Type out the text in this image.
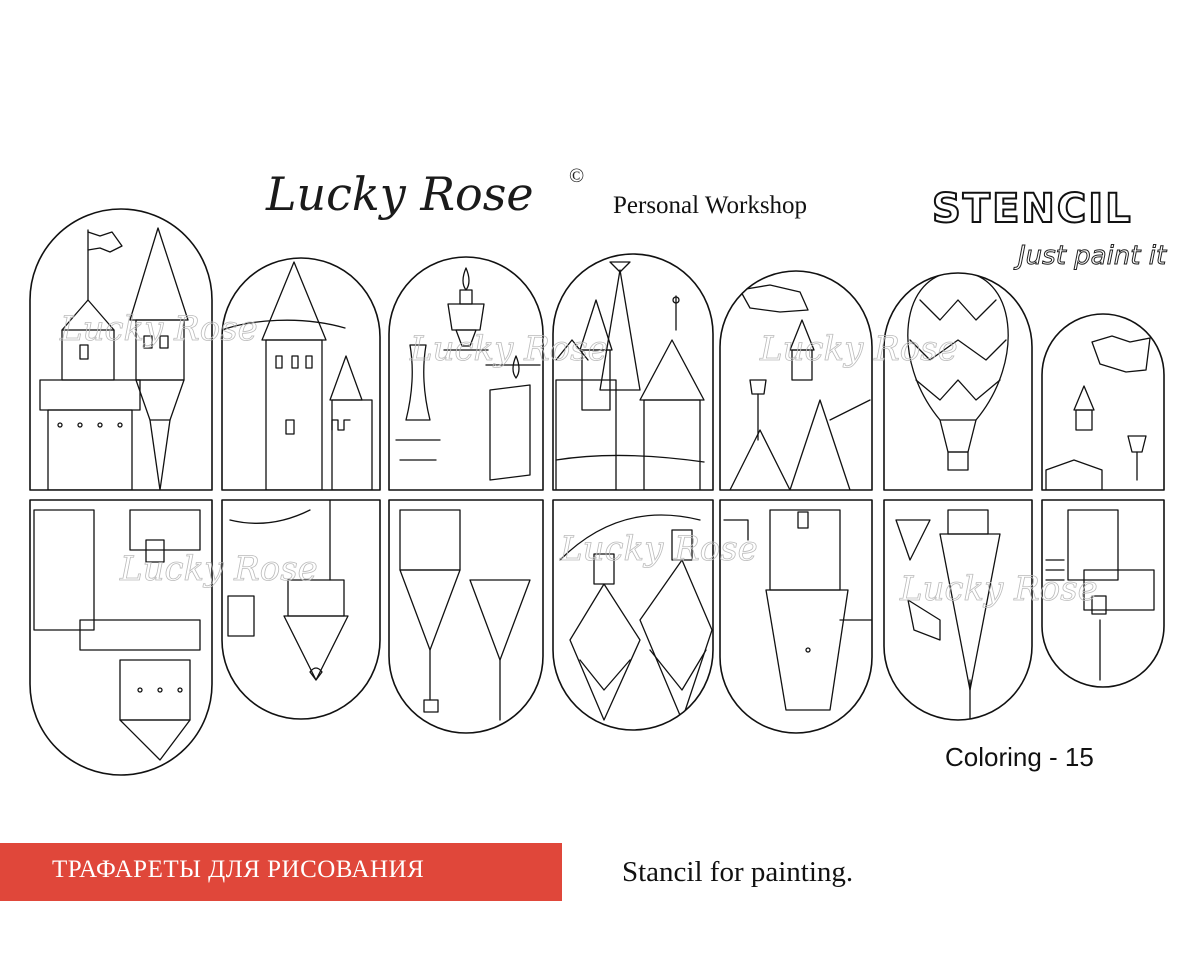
Lucky Rose ©
Personal Workshop	STENCIL
Just paint it
Lucky Rose	Lucky Rose	Lucky Rose
Lucky Rose	Lucky Rose
Lucky Rose
Coloring - 15
ТРАФАРЕТЫ ДЛЯ РИСОВАНИЯ	Stancil for painting.
